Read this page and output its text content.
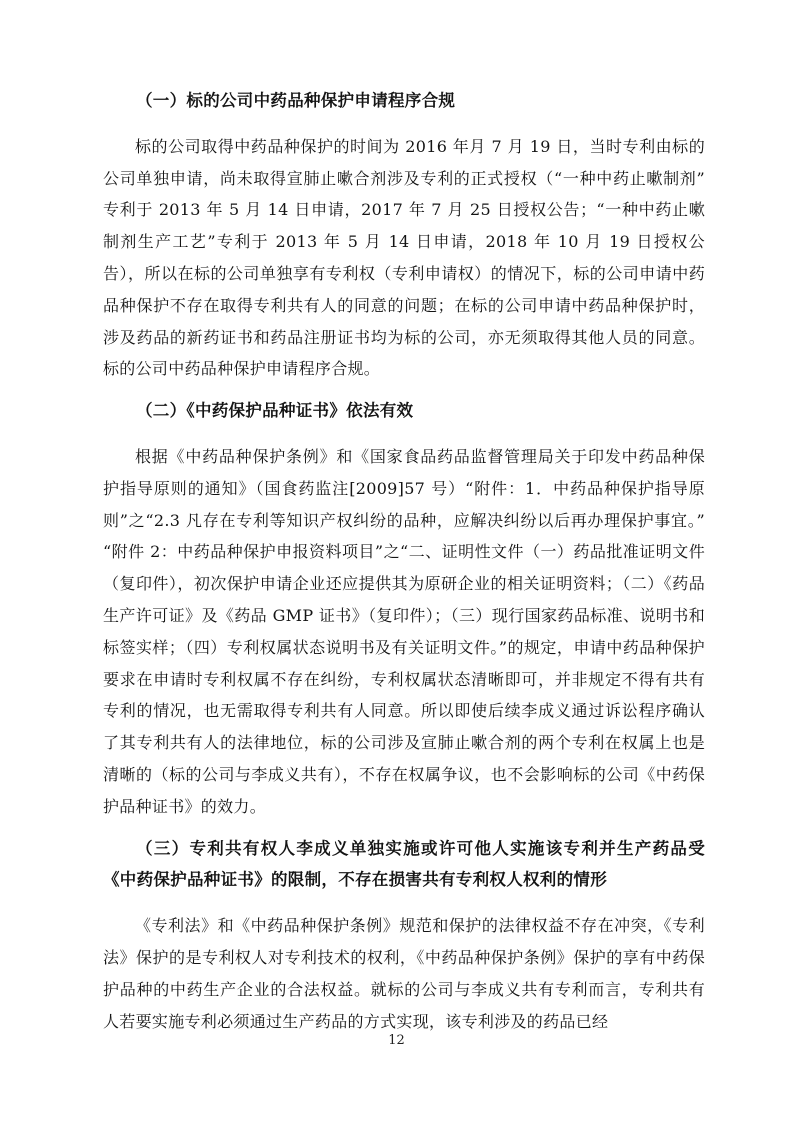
（一）标的公司中药品种保护申请程序合规

标的公司取得中药品种保护的时间为 2016 年月 7 月 19 日，当时专利由标的公司单独申请，尚未取得宣肺止嗽合剂涉及专利的正式授权（“一种中药止嗽制剂”专利于 2013 年 5 月 14 日申请，2017 年 7 月 25 日授权公告；“一种中药止嗽制剂生产工艺”专利于 2013 年 5 月 14 日申请，2018 年 10 月 19 日授权公告），所以在标的公司单独享有专利权（专利申请权）的情况下，标的公司申请中药品种保护不存在取得专利共有人的同意的问题；在标的公司申请中药品种保护时，涉及药品的新药证书和药品注册证书均为标的公司，亦无须取得其他人员的同意。标的公司中药品种保护申请程序合规。

（二）《中药保护品种证书》依法有效

根据《中药品种保护条例》和《国家食品药品监督管理局关于印发中药品种保护指导原则的通知》（国食药监注[2009]57 号）“附件：1．中药品种保护指导原则”之“2.3 凡存在专利等知识产权纠纷的品种，应解决纠纷以后再办理保护事宜。” “附件 2：中药品种保护申报资料项目”之“二、证明性文件（一）药品批准证明文件（复印件），初次保护申请企业还应提供其为原研企业的相关证明资料；（二）《药品生产许可证》及《药品 GMP 证书》（复印件）；（三）现行国家药品标准、说明书和标签实样；（四）专利权属状态说明书及有关证明文件。”的规定，申请中药品种保护要求在申请时专利权属不存在纠纷，专利权属状态清晰即可，并非规定不得有共有专利的情况，也无需取得专利共有人同意。所以即使后续李成义通过诉讼程序确认了其专利共有人的法律地位，标的公司涉及宣肺止嗽合剂的两个专利在权属上也是清晰的（标的公司与李成义共有），不存在权属争议，也不会影响标的公司《中药保护品种证书》的效力。

（三）专利共有权人李成义单独实施或许可他人实施该专利并生产药品受《中药保护品种证书》的限制，不存在损害共有专利权人权利的情形

《专利法》和《中药品种保护条例》规范和保护的法律权益不存在冲突，《专利法》保护的是专利权人对专利技术的权利，《中药品种保护条例》保护的享有中药保护品种的中药生产企业的合法权益。就标的公司与李成义共有专利而言，专利共有人若要实施专利必须通过生产药品的方式实现，该专利涉及的药品已经

12
